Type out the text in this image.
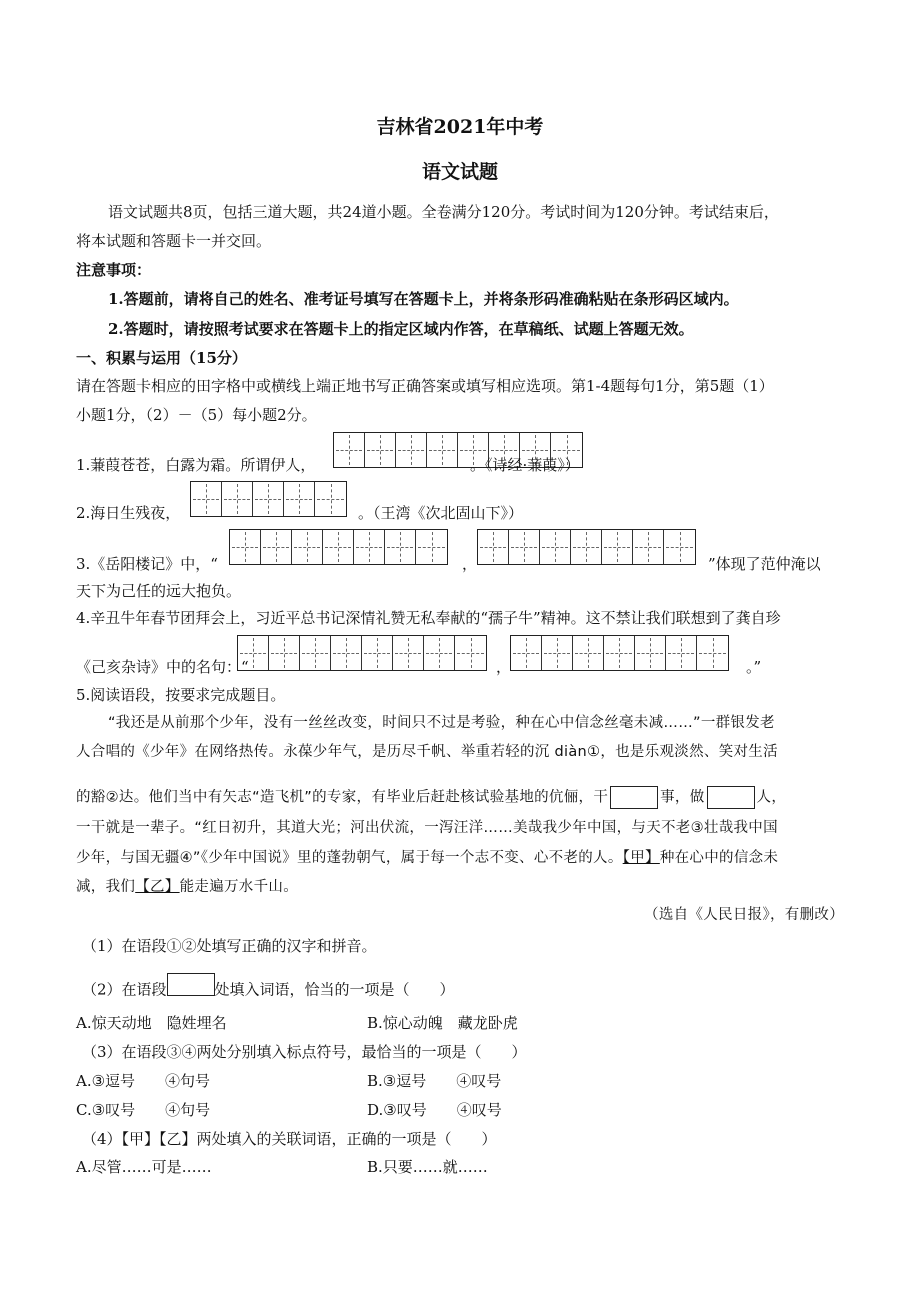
吉林省2021年中考
语文试题
语文试题共8页，包括三道大题，共24道小题。全卷满分120分。考试时间为120分钟。考试结束后，
将本试题和答题卡一并交回。
注意事项：
1.答题前，请将自己的姓名、准考证号填写在答题卡上，并将条形码准确粘贴在条形码区域内。
2.答题时，请按照考试要求在答题卡上的指定区域内作答，在草稿纸、试题上答题无效。
一、积累与运用（15分）
请在答题卡相应的田字格中或横线上端正地书写正确答案或填写相应选项。第1-4题每句1分，第5题（1）
小题1分，（2）－（5）每小题2分。
1.蒹葭苍苍，白露为霜。所谓伊人，	。《诗经·蒹葭》）
2.海日生残夜，	。（王湾《次北固山下》）
3.《岳阳楼记》中，“	，	”体现了范仲淹以
天下为己任的远大抱负。
4.辛丑牛年春节团拜会上，习近平总书记深情礼赞无私奉献的“孺子牛”精神。这不禁让我们联想到了龚自珍
《己亥杂诗》中的名句：“	，	。”
5.阅读语段，按要求完成题目。
“我还是从前那个少年，没有一丝丝改变，时间只不过是考验，种在心中信念丝毫未减……”一群银发老
人合唱的《少年》在网络热传。永葆少年气，是历尽千帆、举重若轻的沉 diàn①，也是乐观淡然、笑对生活
的豁②达。他们当中有矢志“造飞机”的专家，有毕业后赶赴核试验基地的伉俪，干	事，做	人，
一干就是一辈子。“红日初升，其道大光；河出伏流，一泻汪洋……美哉我少年中国，与天不老③壮哉我中国
少年，与国无疆④”《少年中国说》里的蓬勃朝气，属于每一个志不变、心不老的人。【甲】种在心中的信念未
减，我们【乙】能走遍万水千山。
（选自《人民日报》，有删改）
（1）在语段①②处填写正确的汉字和拼音。
（2）在语段	处填入词语，恰当的一项是（　　）
A.惊天动地　隐姓埋名	B.惊心动魄　藏龙卧虎
（3）在语段③④两处分别填入标点符号，最恰当的一项是（　　）
A.③逗号　　④句号	B.③逗号　　④叹号
C.③叹号　　④句号	D.③叹号　　④叹号
（4）【甲】【乙】两处填入的关联词语，正确的一项是（　　）
A.尽管……可是……	B.只要……就……
